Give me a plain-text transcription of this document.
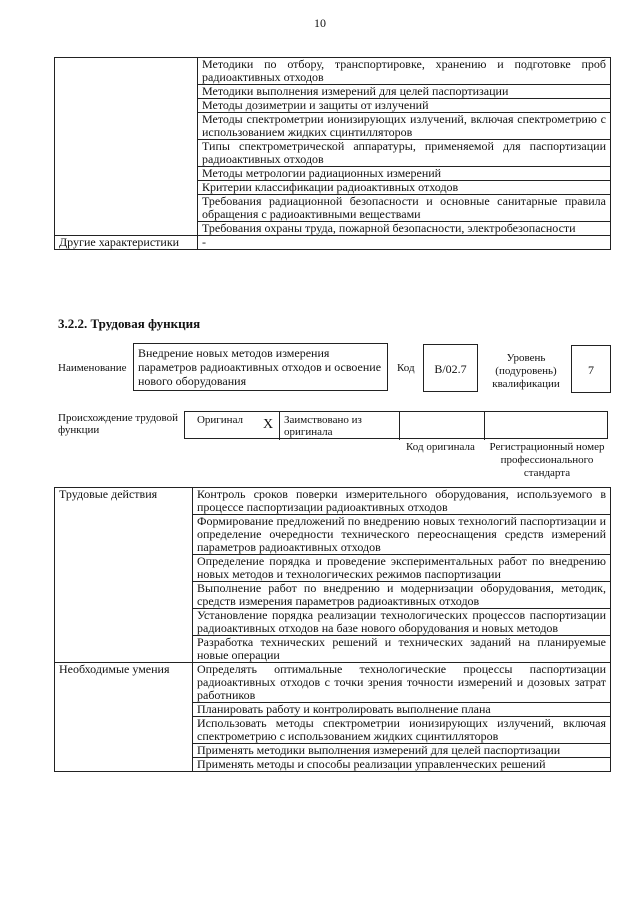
10
	Методики по отбору, транспортировке, хранению и подготовке проб радиоактивных отходов
	Методики выполнения измерений для целей паспортизации
	Методы дозиметрии и защиты от излучений
	Методы спектрометрии ионизирующих излучений, включая спектрометрию с использованием жидких сцинтилляторов
	Типы спектрометрической аппаратуры, применяемой для паспортизации радиоактивных отходов
	Методы метрологии радиационных измерений
	Критерии классификации радиоактивных отходов
	Требования радиационной безопасности и основные санитарные правила обращения с радиоактивными веществами
	Требования охраны труда, пожарной безопасности, электробезопасности
Другие характеристики	-
3.2.2. Трудовая функция
Наименование
Внедрение новых методов измерения параметров радиоактивных отходов и освоение нового оборудования
Код	B/02.7
Уровень (подуровень) квалификации
7
Происхождение трудовой функции
Оригинал X Заимствовано из оригинала
Код оригинала Регистрационный номер профессионального стандарта
Трудовые действия	Контроль сроков поверки измерительного оборудования, используемого в процессе паспортизации радиоактивных отходов
	Формирование предложений по внедрению новых технологий паспортизации и определение очередности технического переоснащения средств измерений параметров радиоактивных отходов
	Определение порядка и проведение экспериментальных работ по внедрению новых методов и технологических режимов паспортизации
	Выполнение работ по внедрению и модернизации оборудования, методик, средств измерения параметров радиоактивных отходов
	Установление порядка реализации технологических процессов паспортизации радиоактивных отходов на базе нового оборудования и новых методов
	Разработка технических решений и технических заданий на планируемые новые операции
Необходимые умения	Определять оптимальные технологические процессы паспортизации радиоактивных отходов с точки зрения точности измерений и дозовых затрат работников
	Планировать работу и контролировать выполнение плана
	Использовать методы спектрометрии ионизирующих излучений, включая спектрометрию с использованием жидких сцинтилляторов
	Применять методики выполнения измерений для целей паспортизации
	Применять методы и способы реализации управленческих решений
